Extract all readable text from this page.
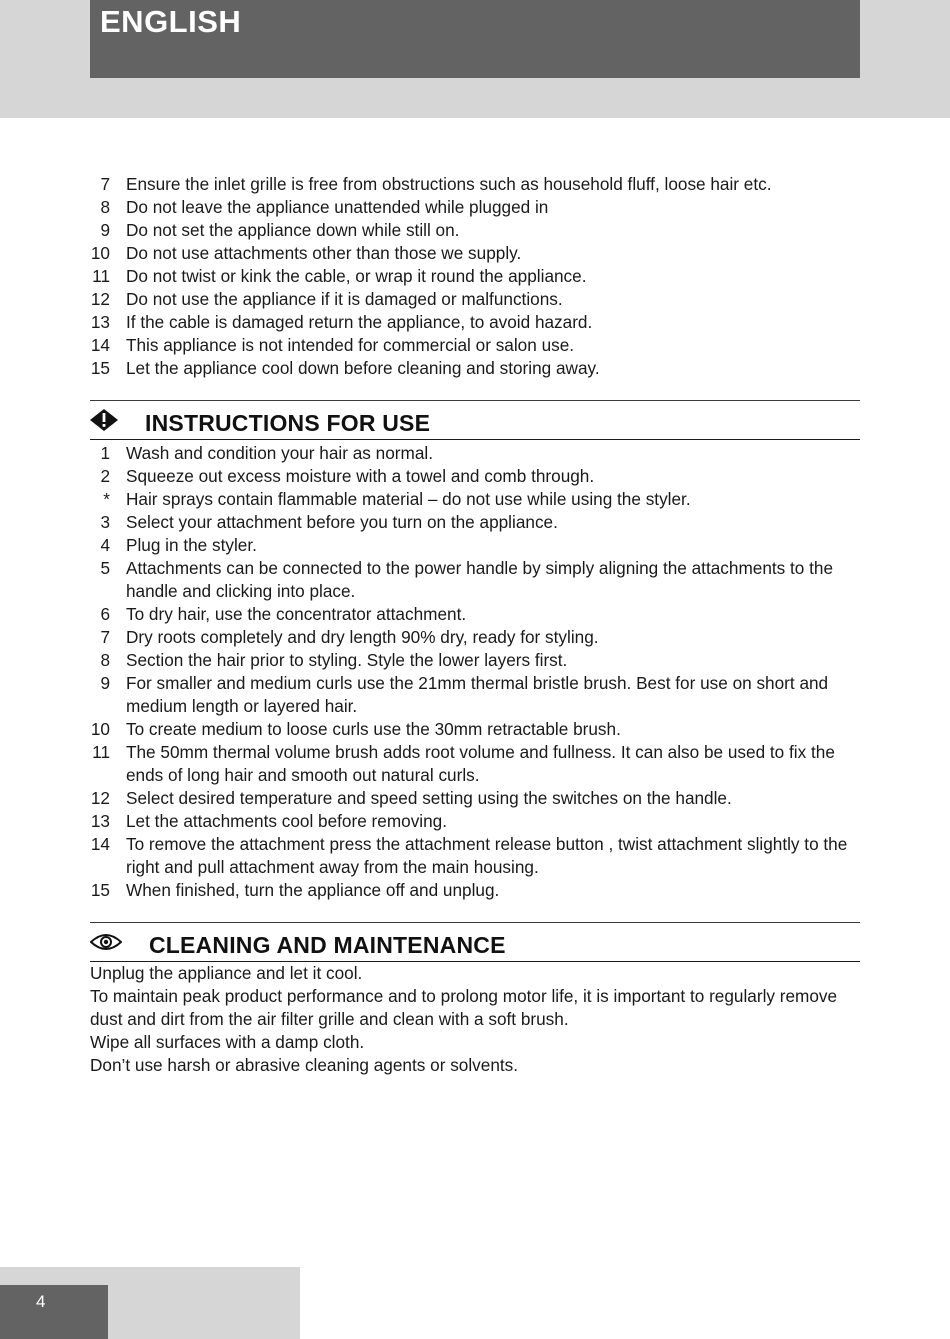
ENGLISH
7 Ensure the inlet grille is free from obstructions such as household fluff, loose hair etc.
8 Do not leave the appliance unattended while plugged in
9 Do not set the appliance down while still on.
10 Do not use attachments other than those we supply.
11 Do not twist or kink the cable, or wrap it round the appliance.
12 Do not use the appliance if it is damaged or malfunctions.
13 If the cable is damaged return the appliance, to avoid hazard.
14 This appliance is not intended for commercial or salon use.
15 Let the appliance cool down before cleaning and storing away.
INSTRUCTIONS FOR USE
1 Wash and condition your hair as normal.
2 Squeeze out excess moisture with a towel and comb through.
* Hair sprays contain flammable material – do not use while using the styler.
3 Select your attachment before you turn on the appliance.
4 Plug in the styler.
5 Attachments can be connected to the power handle by simply aligning the attachments to the handle and clicking into place.
6 To dry hair, use the concentrator attachment.
7 Dry roots completely and dry length 90% dry, ready for styling.
8 Section the hair prior to styling. Style the lower layers first.
9 For smaller and medium curls use the 21mm thermal bristle brush. Best for use on short and medium length or layered hair.
10 To create medium to loose curls use the 30mm retractable brush.
11 The 50mm thermal volume brush adds root volume and fullness. It can also be used to fix the ends of long hair and smooth out natural curls.
12 Select desired temperature and speed setting using the switches on the handle.
13 Let the attachments cool before removing.
14 To remove the attachment press the attachment release button , twist attachment slightly to the right and pull attachment away from the main housing.
15 When finished, turn the appliance off and unplug.
CLEANING AND MAINTENANCE

Unplug the appliance and let it cool.

To maintain peak product performance and to prolong motor life, it is important to regularly remove dust and dirt from the air filter grille and clean with a soft brush.

Wipe all surfaces with a damp cloth.

Don’t use harsh or abrasive cleaning agents or solvents.

4
